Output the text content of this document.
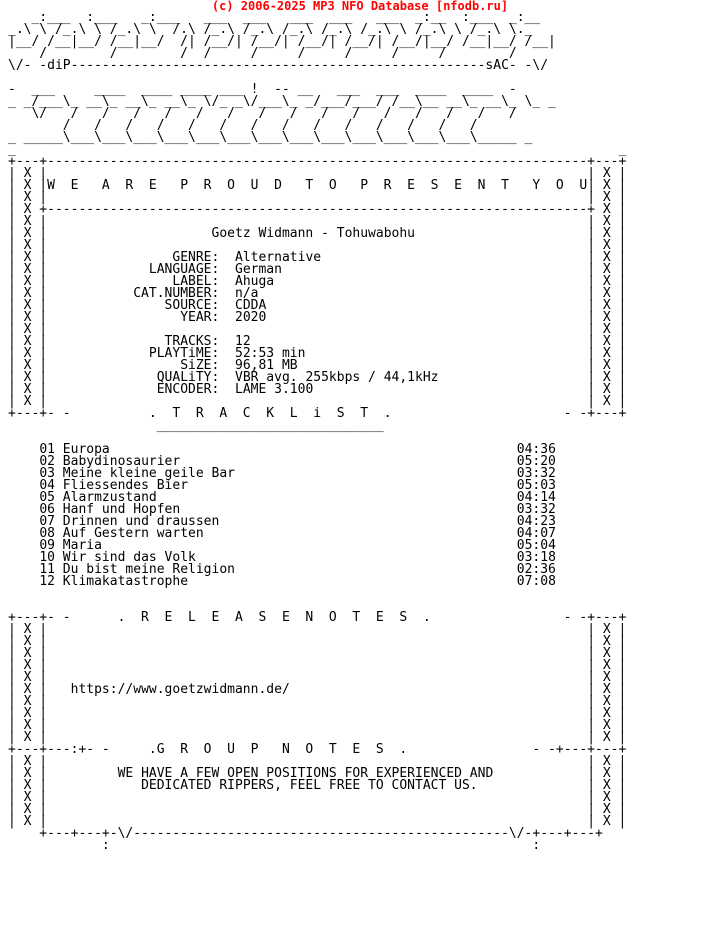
(c) 2006-2025 MP3 NFO Database [nfodb.ru]
_:___  :___   _:___   ___  ___   ___  ___   ___  _:__  :___  _:__
_.\ \ /_.\ \ /_.\ \  /.\ /_.\ /_.\ /_.\ /_.\ /_.\ \ /_.\ \ /_.\ \._
|__/ /__|__/ /__|__/  /| /__/| /__/| /__/| /__/| /__/|__/ /__|__/ /__|
/        /        /  /     /     /     /     /     /        /
\/- -diP-----------------------------------------------------sAC- -\/

-  ___     ____  ____ ____ ___ !  -- __   ___  ___  ____  ____  -
_ _/___\_ __\_ __\_ __\_ \/_ _\/___\_ _/___/___/ /__\__ __\_ __\_ \_ _
\/   /   /   /   /   /   /   /   /   /   /   /   /   /   /   /
/   /   /   /   /   /   /   /   /   /   /   /   /   /
_ _____\___\___\___\___\___\___\___\___\___\___\___\___\___\_____ _
_                                                                             _
+---+---------------------------------------------------------------------+---+
| X |	| X |
| X |W  E   A  R  E   P  R  O  U  D   T  O   P  R  E  S  E  N  T   Y  O  U| X |
| X |	| X |
| X +---------------------------------------------------------------------+ X |
| X |	| X |
| X |	Goetz Widmann - Tohuwabohu	| X |
| X |	| X |
| X |	GENRE:  Alternative	| X |
| X |	LANGUAGE:  German	| X |
| X |	LABEL:  Ahuga	| X |
| X |	CAT.NUMBER:  n/a	| X |
| X |	SOURCE:  CDDA	| X |
| X |	YEAR:  2020	| X |
| X |	| X |
| X |	TRACKS:  12	| X |
| X |	PLAYTiME:  52:53 min	| X |
| X |	SiZE:  96,81 MB	| X |
| X |	QUALiTY:  VBR avg. 255kbps / 44,1kHz	| X |
| X |	ENCODER:  LAME 3.100	| X |
| X |	| X |
+---+- -          .  T  R  A  C  K  L  i  S  T  .                      - -+---+
_____________________________

01 Europa	04:36
02 Babydinosaurier	05:20
03 Meine kleine geile Bar	03:32
04 Fliessendes Bier	05:03
05 Alarmzustand	04:14
06 Hanf und Hopfen	03:32
07 Drinnen und draussen	04:23
08 Auf Gestern warten	04:07
09 Maria	05:04
10 Wir sind das Volk	03:18
11 Du bist meine Religion	02:36
12 Klimakatastrophe	07:08

+---+- -      .  R  E  L  E  A  S  E  N  O  T  E  S  .                 - -+---+
| X |	| X |
| X |	| X |
| X |	| X |
| X |	| X |
| X |	| X |
| X | https://www.goetzwidmann.de/	| X |
| X |	| X |
| X |	| X |
| X |	| X |
| X |	| X |
+---+---:+- -     .G  R  O  U  P   N  O  T  E  S  .                - -+---+---+
| X |	| X |
| X |	WE HAVE A FEW OPEN POSITIONS FOR EXPERIENCED AND	| X |
| X |	DEDICATED RIPPERS, FEEL FREE TO CONTACT US.	| X |
| X |	| X |
| X |	| X |
| X |	| X |
+---+---+-\/------------------------------------------------\/-+---+---+
:                                                      :
